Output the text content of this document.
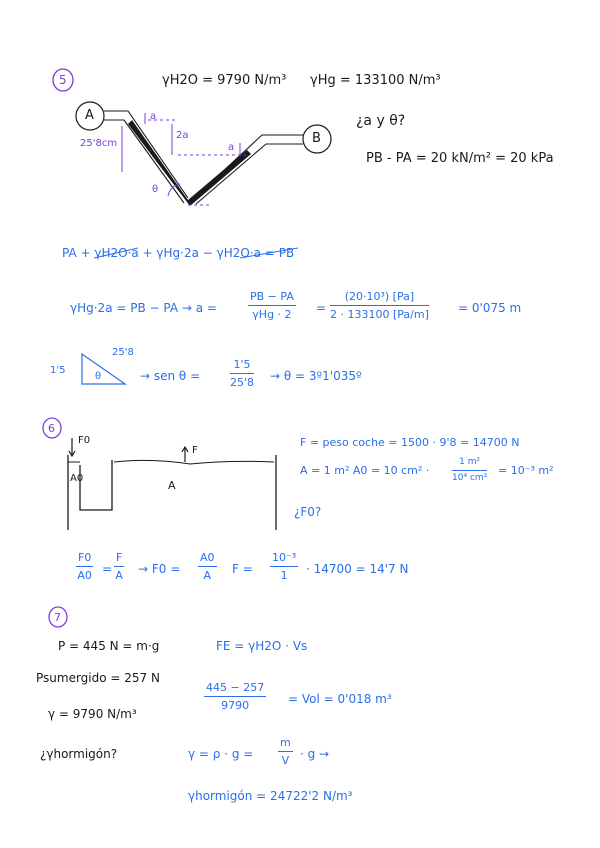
5	γH2O = 9790 N/m³ γHg = 133100 N/m³
A
B
a
2a
a
θ
25'8cm
¿a y θ?
PB - PA = 20 kN/m² = 20 kPa
PA + γH2O·a + γHg·2a − γH2O·a = PB
γHg·2a = PB − PA → a =
PB − PA
γHg · 2	= $\frac{\text{(20·10³) [Pa]}}{2 \cdot 133100 [Pa/m]} = 0'075$ m
25'8
1'5
θ	→ sen θ =	$\frac{1'5}{25'8} \to \theta$ = 3º1'035º
6
F0
A0
A
F
F = peso coche = 1500 · 9'8 = 14700 N
A = 1 m² A0 = 10 cm² ·	$\frac{\text{1 m²}}{\text{10⁴ cm²}} = 10^{-3}$ m²
¿F0?
$\frac{F0}{A0} = \frac{F}{A} \to F0 = \frac{A0}{A}$ $F = \frac{\text{10⁻³}}{1} \cdot 14700 = 14'7$ N
7
P = 445 N = m·g	FE = γH2O · Vs
Psumergido = 257 N
$\frac{445 - 257}{9790}$ = Vol = 0'018 m³
γ = 9790 N/m³
¿γhormigón?	$\gamma = \rho \cdot g = \frac{m}{V} \cdot g$ →
γhormigón = 24722'2 N/m³
